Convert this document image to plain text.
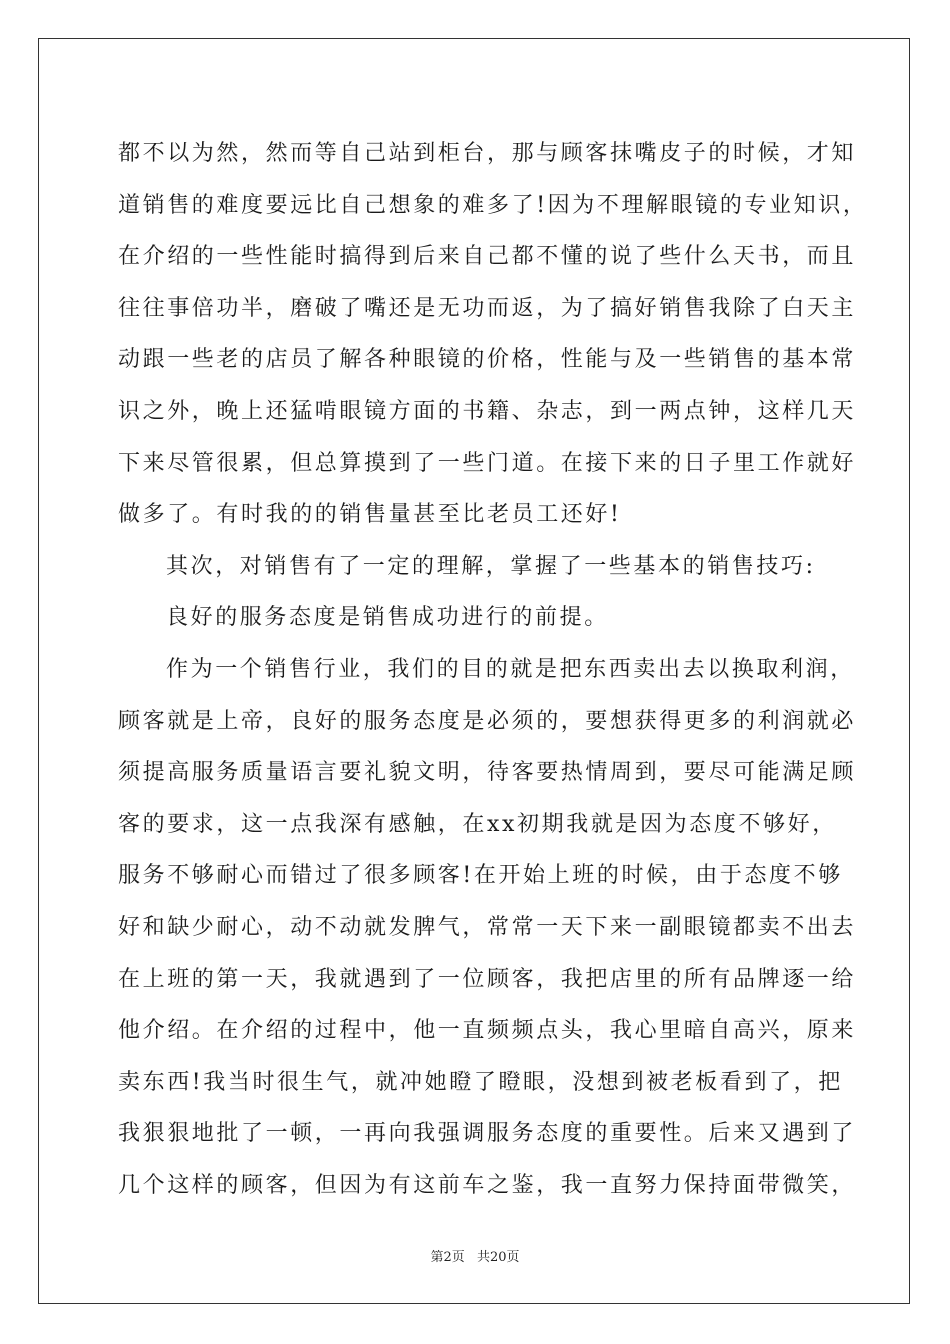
都不以为然，然而等自己站到柜台，那与顾客抹嘴皮子的时候，才知
道销售的难度要远比自己想象的难多了!因为不理解眼镜的专业知识，
在介绍的一些性能时搞得到后来自己都不懂的说了些什么天书，而且
往往事倍功半，磨破了嘴还是无功而返，为了搞好销售我除了白天主
动跟一些老的店员了解各种眼镜的价格，性能与及一些销售的基本常
识之外，晚上还猛啃眼镜方面的书籍、杂志，到一两点钟，这样几天
下来尽管很累，但总算摸到了一些门道。在接下来的日子里工作就好
做多了。有时我的的销售量甚至比老员工还好!
其次，对销售有了一定的理解，掌握了一些基本的销售技巧:
良好的服务态度是销售成功进行的前提。
作为一个销售行业，我们的目的就是把东西卖出去以换取利润，
顾客就是上帝，良好的服务态度是必须的，要想获得更多的利润就必
须提高服务质量语言要礼貌文明，待客要热情周到，要尽可能满足顾
客的要求，这一点我深有感触，在xx初期我就是因为态度不够好，
服务不够耐心而错过了很多顾客!在开始上班的时候，由于态度不够
好和缺少耐心，动不动就发脾气，常常一天下来一副眼镜都卖不出去
在上班的第一天，我就遇到了一位顾客，我把店里的所有品牌逐一给
他介绍。在介绍的过程中，他一直频频点头，我心里暗自高兴，原来
卖东西!我当时很生气，就冲她瞪了瞪眼，没想到被老板看到了，把
我狠狠地批了一顿，一再向我强调服务态度的重要性。后来又遇到了
几个这样的顾客，但因为有这前车之鉴，我一直努力保持面带微笑，
第2页 共20页
